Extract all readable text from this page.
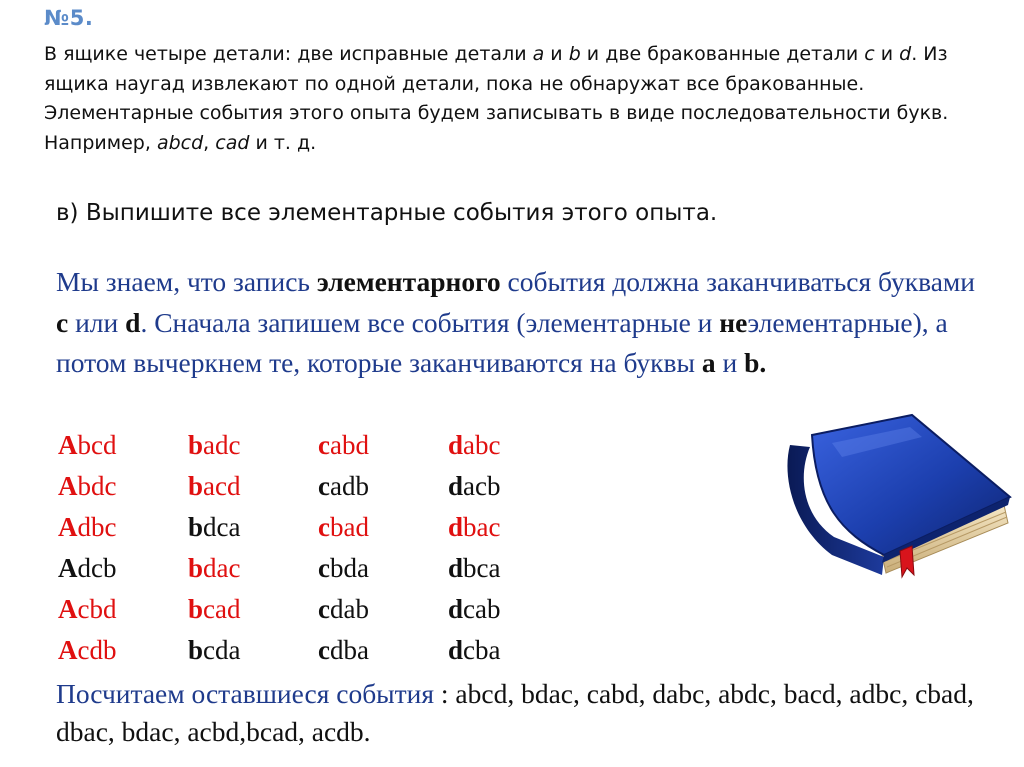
№5.
В ящике четыре детали: две исправные детали a и b и две бракованные детали c и d. Из ящика наугад извлекают по одной детали, пока не обнаружат все бракованные. Элементарные события этого опыта будем записывать в виде последовательности букв. Например, abcd, cad и т. д.
в) Выпишите все элементарные события этого опыта.
Мы знаем, что запись элементарного события должна заканчиваться буквами c или d. Сначала запишем все события (элементарные и неэлементарные), а потом вычеркнем те, которые заканчиваются на буквы a и b.
Abcd	badc	cabd	dabc
Abdc	bacd	cadb	dacb
Adbc	bdca	cbad	dbac
Adcb	bdac	cbda	dbca
Acbd	bcad	cdab	dcab
Acdb	bcda	cdba	dcba
Посчитаем оставшиеся события : abcd, bdac, cabd, dabc, abdc, bacd, adbc, cbad, dbac, bdac, acbd,bcad, acdb.
